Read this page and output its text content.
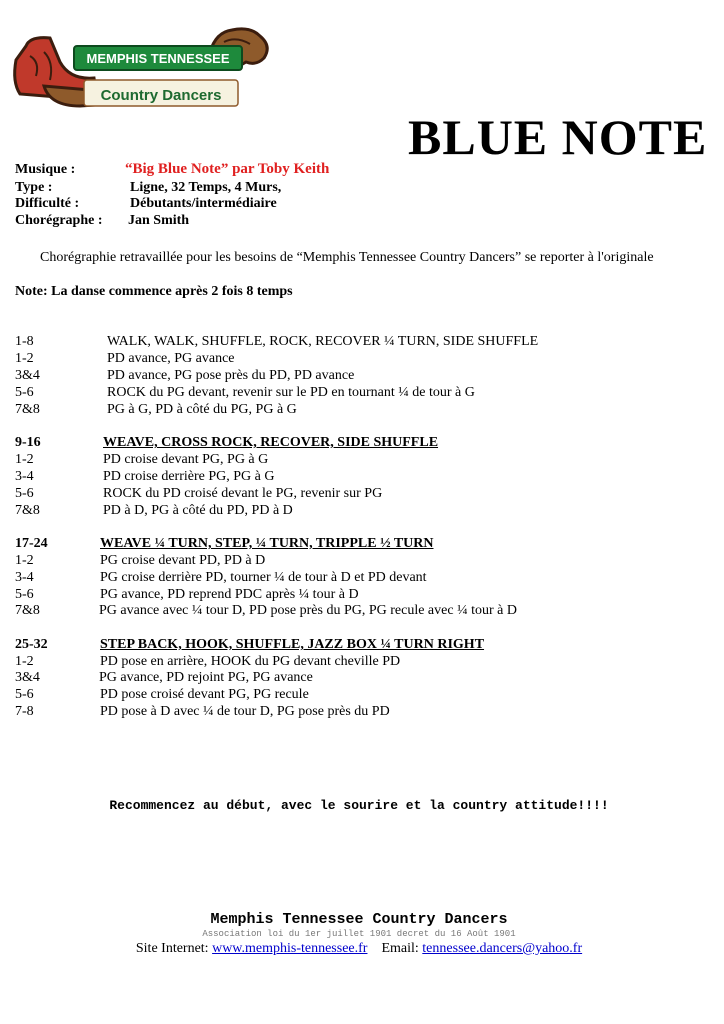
MEMPHIS TENNESSEE
Country Dancers
BLUE NOTE
Musique :	“Big Blue Note” par Toby Keith
Type :	Ligne, 32 Temps, 4 Murs,
Difficulté :	Débutants/intermédiaire
Chorégraphe : Jan Smith
Chorégraphie retravaillée pour les besoins de “Memphis Tennessee Country Dancers” se reporter à l'originale
Note: La danse commence après 2 fois 8 temps
1-8	WALK, WALK, SHUFFLE, ROCK, RECOVER ¼ TURN, SIDE SHUFFLE
1-2	PD avance, PG avance
3&4	PD avance, PG pose près du PD, PD avance
5-6	ROCK du PG devant, revenir sur le PD en tournant ¼ de tour à G
7&8	PG à G, PD à côté du PG, PG à G
9-16	WEAVE, CROSS ROCK, RECOVER, SIDE SHUFFLE
1-2	PD croise devant PG, PG à G
3-4	PD croise derrière PG, PG à G
5-6	ROCK du PD croisé devant le PG, revenir sur PG
7&8	PD à D, PG à côté du PD, PD à D
17-24	WEAVE ¼ TURN, STEP, ¼ TURN, TRIPPLE ½ TURN
1-2	PG croise devant PD, PD à D
3-4	PG croise derrière PD, tourner ¼ de tour à D et PD devant
5-6	PG avance, PD reprend PDC après ¼ tour à D
7&8	PG avance avec ¼ tour D, PD pose près du PG, PG recule avec ¼ tour à D
25-32	STEP BACK, HOOK, SHUFFLE, JAZZ BOX ¼ TURN RIGHT
1-2	PD pose en arrière, HOOK du PG devant cheville PD
3&4	PG avance, PD rejoint PG, PG avance
5-6	PD pose croisé devant PG, PG recule
7-8	PD pose à D avec ¼ de tour D, PG pose près du PD
Recommencez au début, avec le sourire et la country attitude!!!!
Memphis Tennessee Country Dancers
Association loi du 1er juillet 1901 decret du 16 Août 1901
Site Internet: www.memphis-tennessee.fr Email: tennessee.dancers@yahoo.fr
